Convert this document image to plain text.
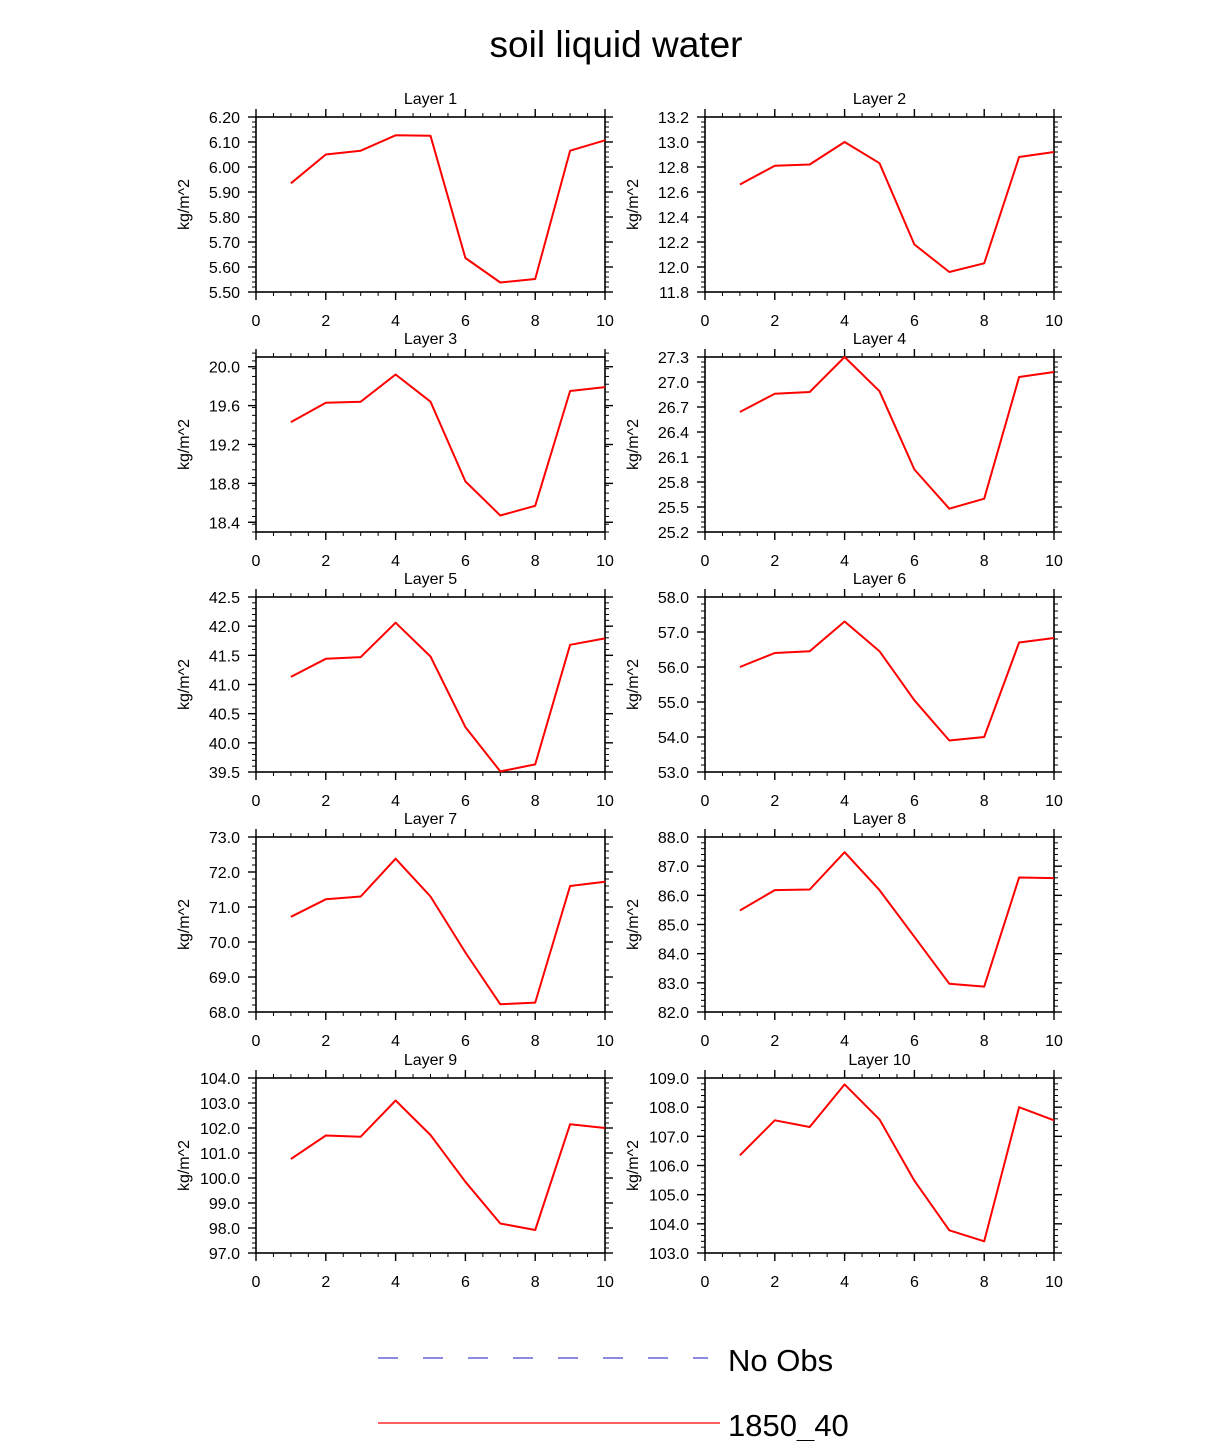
soil liquid water
Layer 1
kg/m^2
0	2	4	6	8	10
5.50
5.60
5.70
5.80
5.90
6.00
6.10
6.20
Layer 2
kg/m^2
0	2	4	6	8	10
11.8
12.0
12.2
12.4
12.6
12.8
13.0
13.2
Layer 3
kg/m^2
0	2	4	6	8	10
18.4
18.8
19.2
19.6
20.0
Layer 4
kg/m^2
0	2	4	6	8	10
25.2
25.5
25.8
26.1
26.4
26.7
27.0
27.3
Layer 5
kg/m^2
0	2	4	6	8	10
39.5
40.0
40.5
41.0
41.5
42.0
42.5
Layer 6
kg/m^2
0	2	4	6	8	10
53.0
54.0
55.0
56.0
57.0
58.0
Layer 7
kg/m^2
0	2	4	6	8	10
68.0
69.0
70.0
71.0
72.0
73.0
Layer 8
kg/m^2
0	2	4	6	8	10
82.0
83.0
84.0
85.0
86.0
87.0
88.0
Layer 9
kg/m^2
0	2	4	6	8	10
97.0
98.0
99.0
100.0
101.0
102.0
103.0
104.0
Layer 10
kg/m^2
0	2	4	6	8	10
103.0
104.0
105.0
106.0
107.0
108.0
109.0
No Obs
1850_40
